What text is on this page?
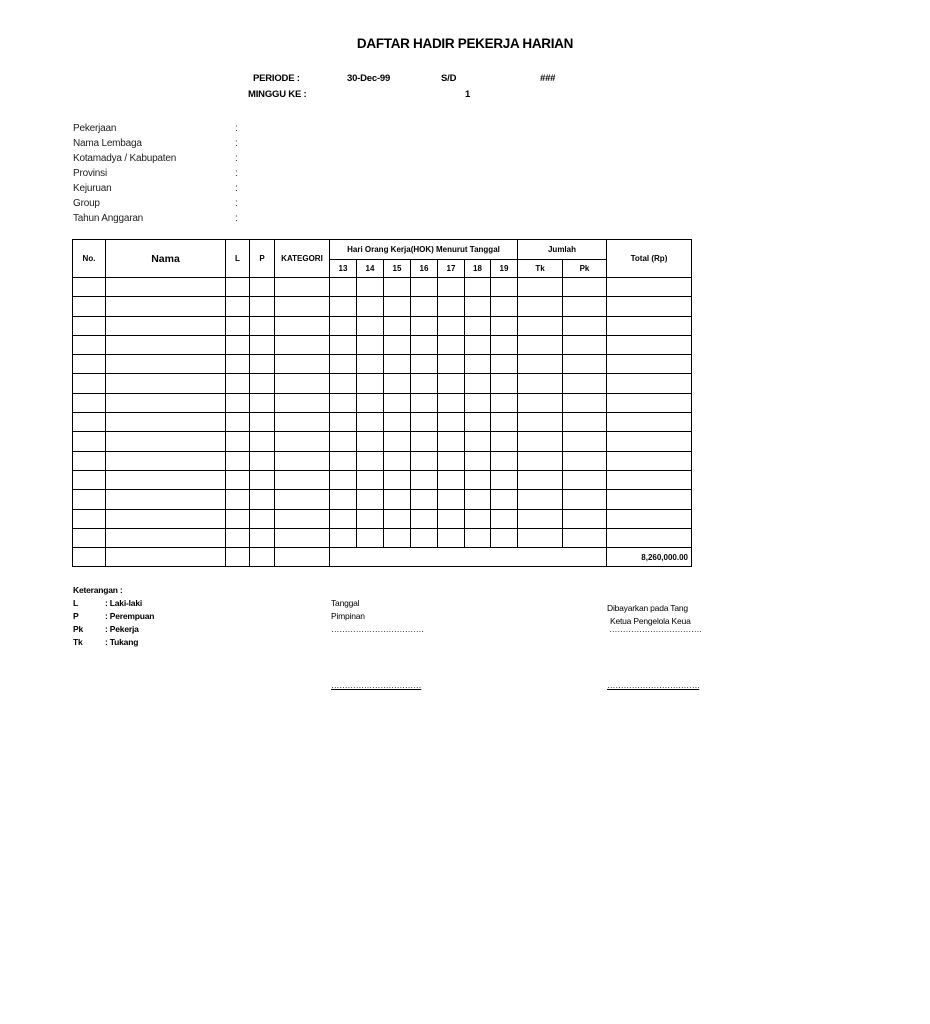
DAFTAR HADIR PEKERJA HARIAN
PERIODE :	30-Dec-99	S/D	###
MINGGU KE :	1
Pekerjaan	:
Nama Lembaga	:
Kotamadya / Kabupaten	:
Provinsi	:
Kejuruan	:
Group	:
Tahun Anggaran	:
No.	Nama	L	P	KATEGORI	Hari Orang Kerja(HOK) Menurut Tanggal							Jumlah		Total (Rp)
					13	14	15	16	17	18	19	Tk	Pk	

														8,260,000.00
Keterangan :
L	: Laki-laki
P	: Perempuan
Pk	: Pekerja
Tk	: Tukang
Tanggal
Pimpinan
…………………………….
……………………………
Dibayarkan pada Tang
Ketua Pengelola Keua
…………………………….
…………………………….
